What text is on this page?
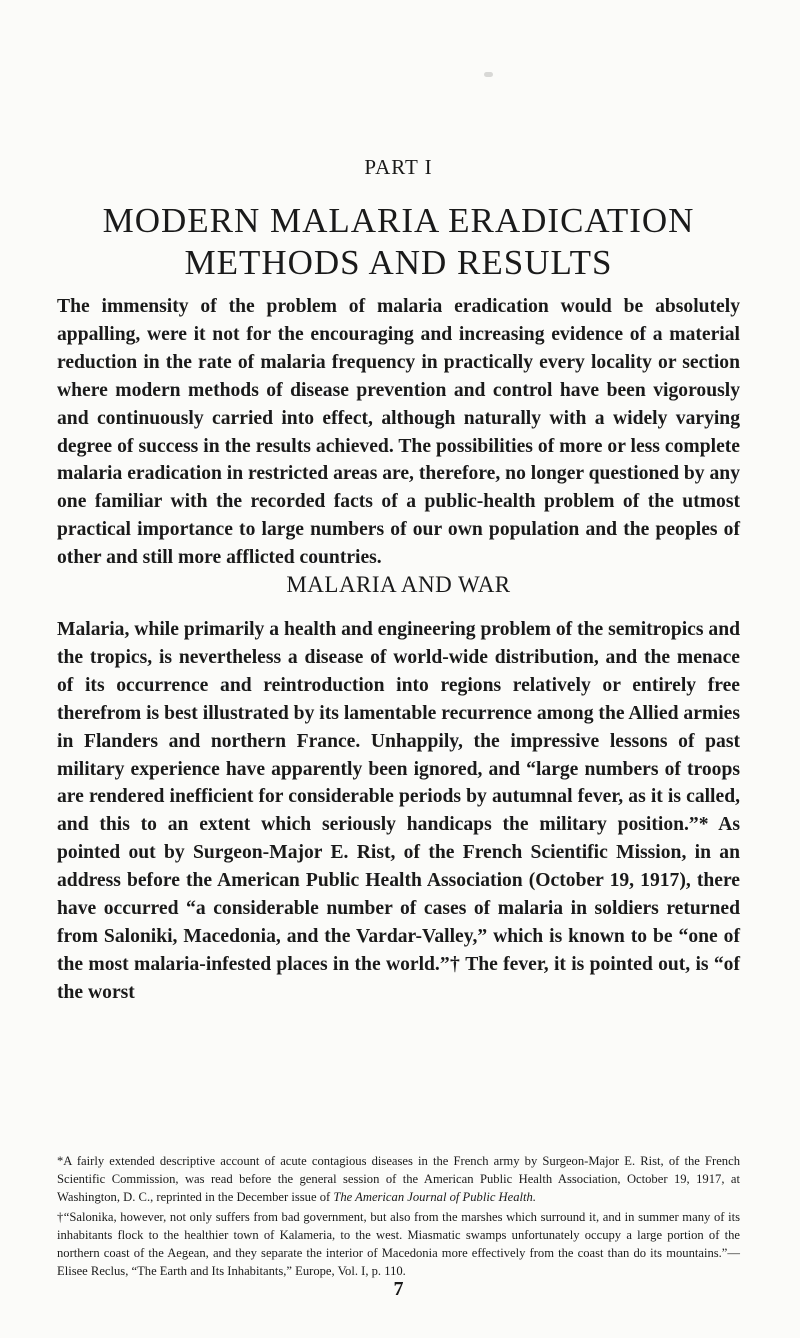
PART I
MODERN MALARIA ERADICATION
METHODS AND RESULTS

The immensity of the problem of malaria eradication would be absolutely appalling, were it not for the encouraging and increasing evidence of a material reduction in the rate of malaria frequency in practically every locality or section where modern methods of disease prevention and control have been vigorously and continuously carried into effect, although naturally with a widely varying degree of success in the results achieved. The possibilities of more or less complete malaria eradication in restricted areas are, therefore, no longer questioned by any one familiar with the recorded facts of a public-health problem of the utmost practical importance to large numbers of our own population and the peoples of other and still more afflicted countries.

MALARIA AND WAR

Malaria, while primarily a health and engineering problem of the semitropics and the tropics, is nevertheless a disease of world-wide distribution, and the menace of its occurrence and reintroduction into regions relatively or entirely free therefrom is best illustrated by its lamentable recurrence among the Allied armies in Flanders and northern France. Unhappily, the impressive lessons of past military experience have apparently been ignored, and “large numbers of troops are rendered inefficient for considerable periods by autumnal fever, as it is called, and this to an extent which seriously handicaps the military position.”* As pointed out by Surgeon-Major E. Rist, of the French Scientific Mission, in an address before the American Public Health Association (October 19, 1917), there have occurred “a considerable number of cases of malaria in soldiers returned from Saloniki, Macedonia, and the Vardar-Valley,” which is known to be “one of the most malaria-infested places in the world.”† The fever, it is pointed out, is “of the worst

*A fairly extended descriptive account of acute contagious diseases in the French army by Surgeon-Major E. Rist, of the French Scientific Commission, was read before the general session of the American Public Health Association, October 19, 1917, at Washington, D. C., reprinted in the December issue of The American Journal of Public Health.

†“Salonika, however, not only suffers from bad government, but also from the marshes which surround it, and in summer many of its inhabitants flock to the healthier town of Kalameria, to the west. Miasmatic swamps unfortunately occupy a large portion of the northern coast of the Aegean, and they separate the interior of Macedonia more effectively from the coast than do its mountains.”—Elisee Reclus, “The Earth and Its Inhabitants,” Europe, Vol. I, p. 110.

7
